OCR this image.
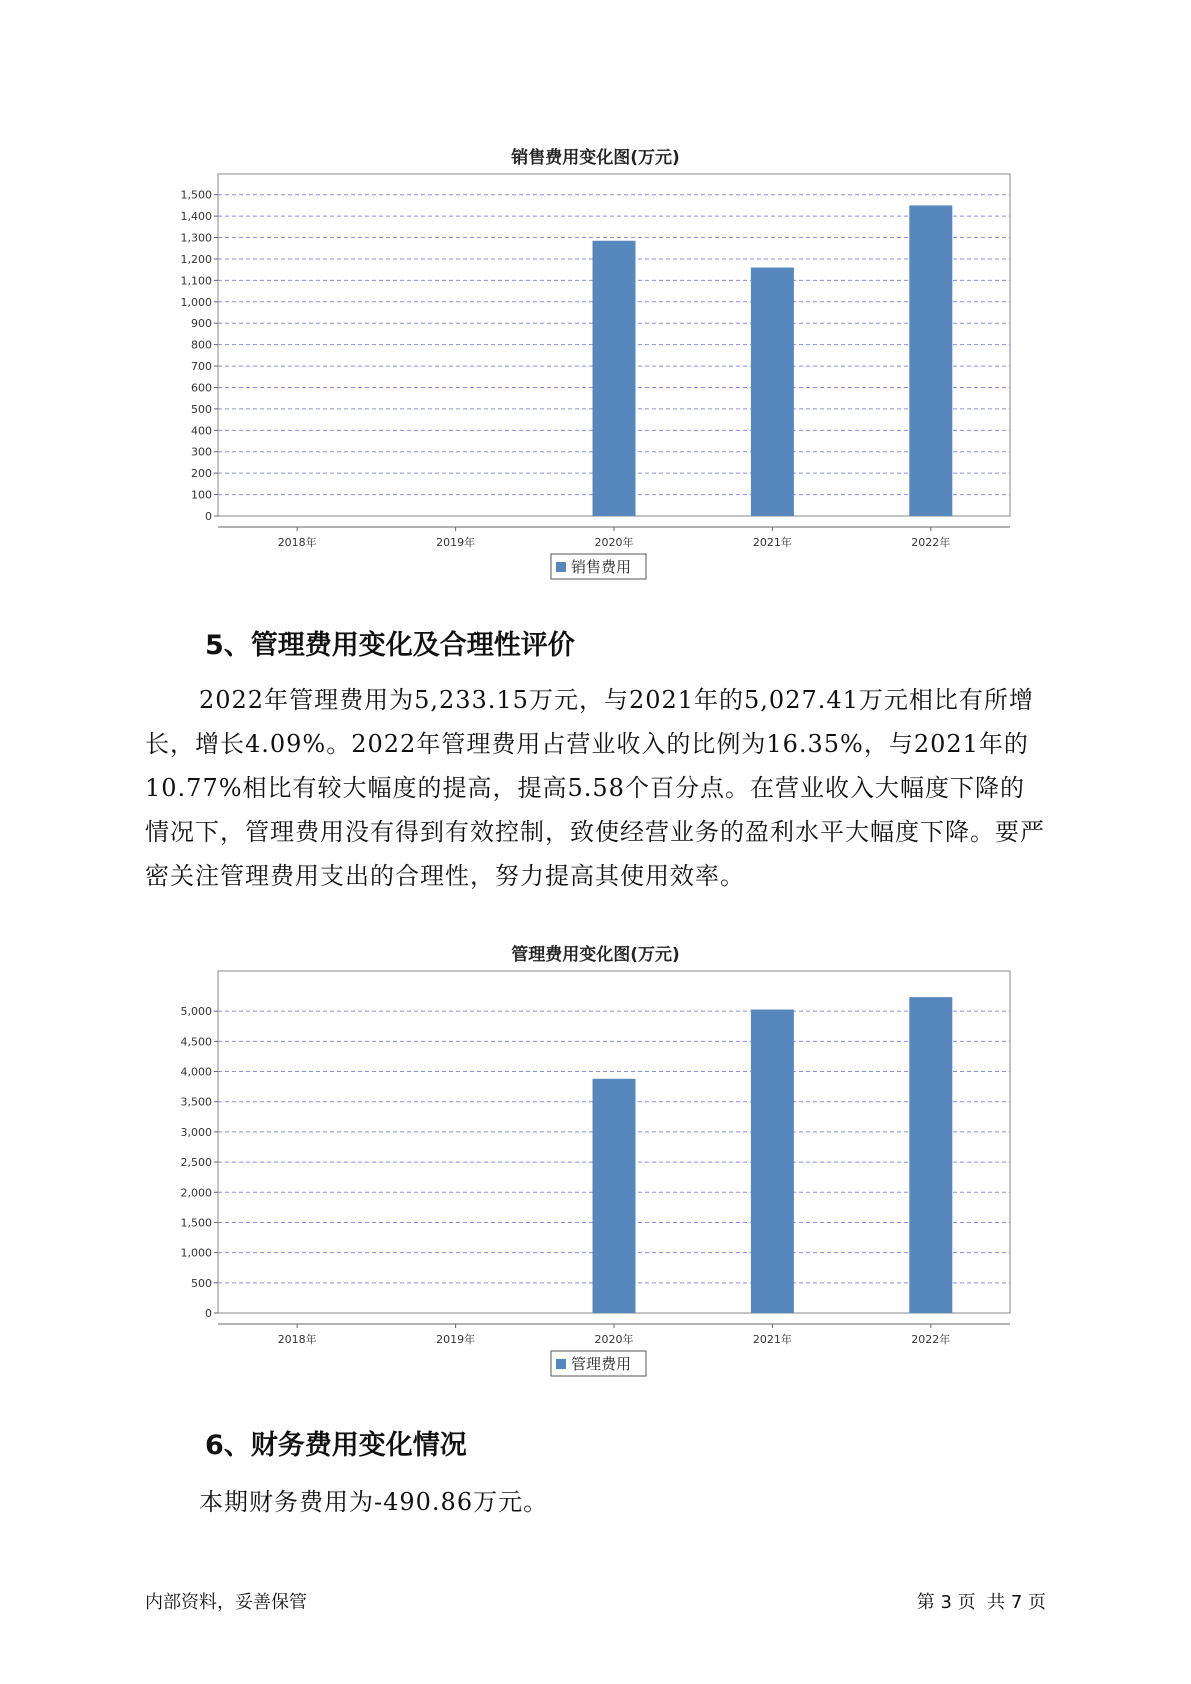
销售费用变化图(万元)
0
100
200
300
400
500
600
700
800
900
1,000
1,100
1,200
1,300
1,400
1,500
2018年	2019年	2020年	2021年	2022年
销售费用
5、管理费用变化及合理性评价

2022年管理费用为5,233.15万元，与2021年的5,027.41万元相比有所增长，增长4.09%。2022年管理费用占营业收入的比例为16.35%，与2021年的10.77%相比有较大幅度的提高，提高5.58个百分点。在营业收入大幅度下降的情况下，管理费用没有得到有效控制，致使经营业务的盈利水平大幅度下降。要严密关注管理费用支出的合理性，努力提高其使用效率。

管理费用变化图(万元)
0
500
1,000
1,500
2,000
2,500
3,000
3,500
4,000
4,500
5,000
2018年	2019年	2020年	2021年	2022年
管理费用
6、财务费用变化情况

本期财务费用为-490.86万元。

内部资料，妥善保管	第 3 页  共 7 页
